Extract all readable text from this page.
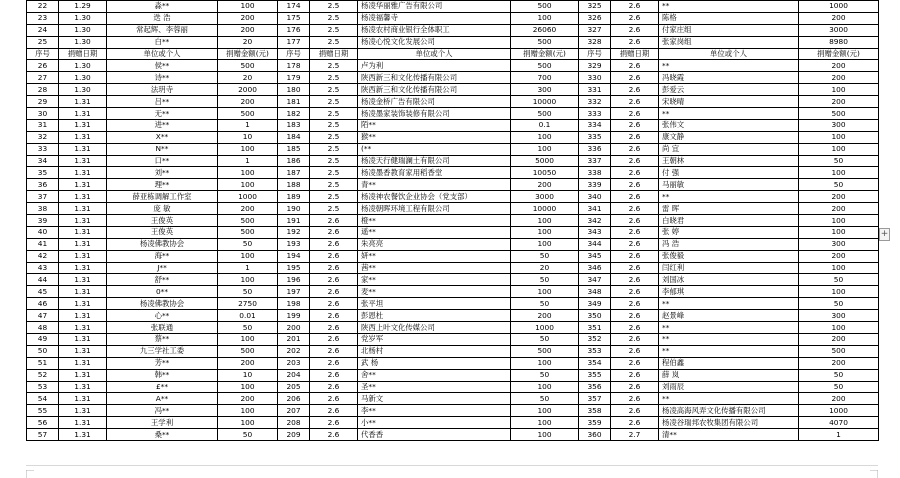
22	1.29	淼**	100	174	2.5	杨凌华丽雅广告有限公司	500	325	2.6	**	1000
23	1.30	迭 浩	200	175	2.5	杨凌福馨寺	100	326	2.6	陈格	200
24	1.30	常起辉、李蓉丽	200	176	2.5	杨凌农村商业银行全体职工	26060	327	2.6	付家庄组	3000
25	1.30	白**	20	177	2.5	杨凌心悦文化发展公司	500	328	2.6	张家岗组	8980
序号	捐赠日期	单位或个人	捐赠金额(元)	序号	捐赠日期	单位或个人	捐赠金额(元)	序号	捐赠日期	单位或个人	捐赠金额(元)
26	1.30	侯**	500	178	2.5	卢为利	500	329	2.6	**	200
27	1.30	诗**	20	179	2.5	陕西新三和文化传播有限公司	700	330	2.6	冯晓霞	200
28	1.30	法玥寺	2000	180	2.5	陕西新三和文化传播有限公司	300	331	2.6	彭爱云	100
29	1.31	吕**	200	181	2.5	杨凌金桥广告有限公司	10000	332	2.6	宋晓晴	200
30	1.31	无**	500	182	2.5	杨凌墨家装饰装修有限公司	500	333	2.6	**	500
31	1.31	进**	1	183	2.5	陌**	0.1	334	2.6	张伟文	300
32	1.31	X**	10	184	2.5	猴**	100	335	2.6	康文静	100
33	1.31	N**	100	185	2.5	(**	100	336	2.6	尚 宜	100
34	1.31	口**	1	186	2.5	杨凌天行健瑞澜土有限公司	5000	337	2.6	王朝林	50
35	1.31	刘**	100	187	2.5	杨凌墨香教育家用稻香堂	10050	338	2.6	付 强	100
36	1.31	理**	100	188	2.5	青**	200	339	2.6	马丽敏	50
37	1.31	薛亚栋调解工作室	1000	189	2.5	杨凌神农餐饮企业协会（党支部）	3000	340	2.6	**	200
38	1.31	庞 敏	200	190	2.5	杨凌朝晖环境工程有限公司	10000	341	2.6	雷 晖	200
39	1.31	王俊英	500	191	2.6	橙**	100	342	2.6	白晓君	100
40	1.31	王俊英	500	192	2.6	遥**	100	343	2.6	张 婷	100
41	1.31	杨凌佛教协会	50	193	2.6	朱亮亮	100	344	2.6	冯 浩	300
42	1.31	海**	100	194	2.6	妍**	50	345	2.6	张俊毅	200
43	1.31	J**	1	195	2.6	茜**	20	346	2.6	闫红利	100
44	1.31	舒**	100	196	2.6	家**	50	347	2.6	刘国冰	50
45	1.31	0**	50	197	2.6	麦**	100	348	2.6	李郁琪	100
46	1.31	杨凌佛教协会	2750	198	2.6	张平坦	50	349	2.6	**	50
47	1.31	心**	0.01	199	2.6	彭恩杜	200	350	2.6	赵景峰	300
48	1.31	张联通	50	200	2.6	陕西上叶文化传媒公司	1000	351	2.6	**	100
49	1.31	蔡**	100	201	2.6	党岁军	50	352	2.6	**	200
50	1.31	九三学社工委	500	202	2.6	北杨村	500	353	2.6	**	500
51	1.31	芳**	200	203	2.6	武 杨	100	354	2.6	程伯鑫	200
52	1.31	韩**	10	204	2.6	舍**	50	355	2.6	薛 岚	50
53	1.31	£**	100	205	2.6	圣**	100	356	2.6	刘雨辰	50
54	1.31	A**	200	206	2.6	马新文	50	357	2.6	**	200
55	1.31	冯**	100	207	2.6	李**	100	358	2.6	杨凌高海风弄文化传播有限公司	1000
56	1.31	王学利	100	208	2.6	小**	100	359	2.6	杨凌谷瑞邦农牧集团有限公司	4070
57	1.31	桑**	50	209	2.6	代香香	100	360	2.7	清**	1
+
